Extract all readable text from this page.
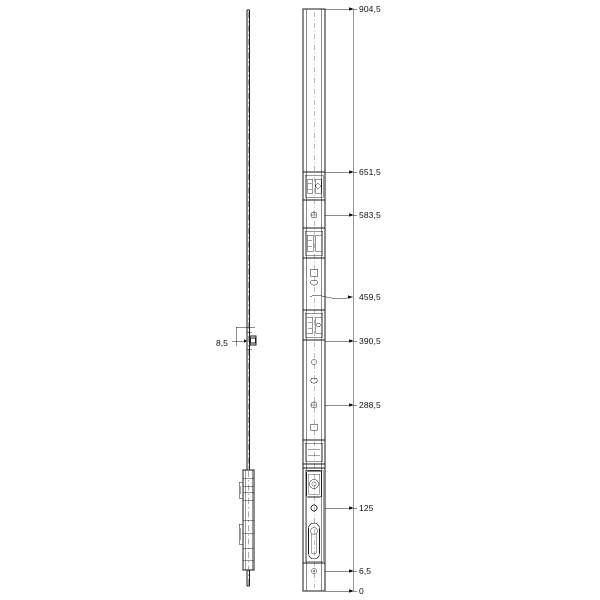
8,5
904,5
651,5
583,5
459,5
390,5
288,5
125
6,5
0
